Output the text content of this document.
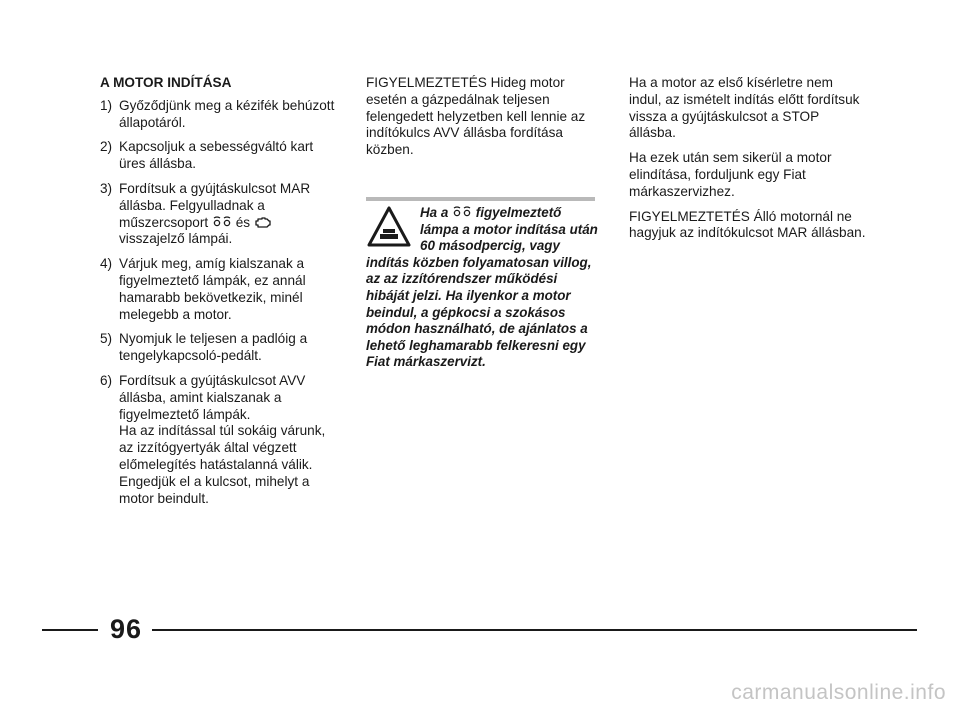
A MOTOR INDÍTÁSA
1) Győződjünk meg a kézifék behúzott állapotáról.
2) Kapcsoljuk a sebességváltó kart üres állásba.
3) Fordítsuk a gyújtáskulcsot MAR állásba. Felgyulladnak a műszercsoport és  visszajelző lámpái.
4) Várjuk meg, amíg kialszanak a figyelmeztető lámpák, ez annál hamarabb bekövetkezik, minél melegebb a motor.
5) Nyomjuk le teljesen a padlóig a tengelykapcsoló-pedált.
6) Fordítsuk a gyújtáskulcsot AVV állásba, amint kialszanak a figyelmeztető lámpák.
Ha az indítással túl sokáig várunk, az izzítógyertyák által végzett előmelegítés hatástalanná válik.
Engedjük el a kulcsot, mihelyt a motor beindult.

FIGYELMEZTETÉS Hideg motor esetén a gázpedálnak teljesen felengedett helyzetben kell lennie az indítókulcs AVV állásba fordítása közben.

Ha a figyelmeztető lámpa a motor indítása után 60 másodpercig, vagy indítás közben folyamatosan villog, az az izzítórendszer működési hibáját jelzi. Ha ilyenkor a motor beindul, a gépkocsi a szokásos módon használható, de ajánlatos a lehető leghamarabb felkeresni egy Fiat márkaszervizt.

Ha a motor az első kísérletre nem indul, az ismételt indítás előtt fordítsuk vissza a gyújtáskulcsot a STOP állásba.

Ha ezek után sem sikerül a motor elindítása, forduljunk egy Fiat márkaszervizhez.

FIGYELMEZTETÉS Álló motornál ne hagyjuk az indítókulcsot MAR állásban.

96
carmanualsonline.info
